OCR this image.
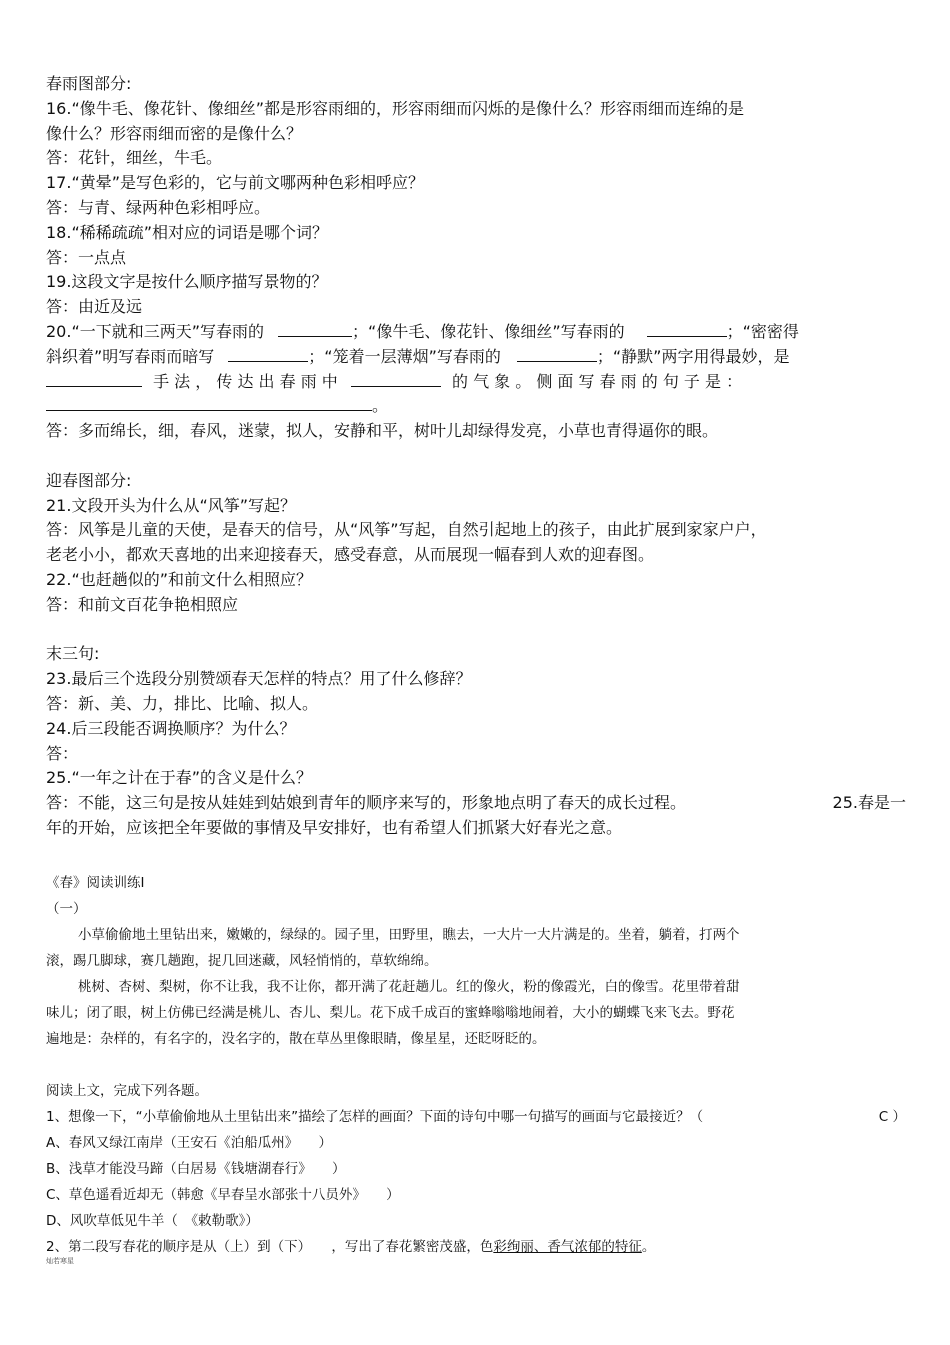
春雨图部分:
16.“像牛毛、像花针、像细丝”都是形容雨细的，形容雨细而闪烁的是像什么？形容雨细而连绵的是
像什么？形容雨细而密的是像什么？
答：花针，细丝，牛毛。
17.“黄晕”是写色彩的，它与前文哪两种色彩相呼应？
答：与青、绿两种色彩相呼应。
18.“稀稀疏疏”相对应的词语是哪个词？
答：一点点
19.这段文字是按什么顺序描写景物的？
答：由近及远
20.“一下就和三两天”写春雨的	；“像牛毛、像花针、像细丝”写春雨的	；“密密得
斜织着”明写春雨而暗写	；“笼着一层薄烟”写春雨的	；“静默”两字用得最妙，是
手 法 ， 传 达 出 春 雨 中	的 气 象 。 侧 面 写 春 雨 的 句 子 是 ：
。
答：多而绵长，细，春风，迷蒙，拟人，安静和平，树叶儿却绿得发亮，小草也青得逼你的眼。
迎春图部分:
21.文段开头为什么从“风筝”写起？
答：风筝是儿童的天使，是春天的信号，从“风筝”写起，自然引起地上的孩子，由此扩展到家家户户，
老老小小，都欢天喜地的出来迎接春天，感受春意，从而展现一幅春到人欢的迎春图。
22.“也赶趟似的”和前文什么相照应？
答：和前文百花争艳相照应
末三句:
23.最后三个选段分别赞颂春天怎样的特点？用了什么修辞？
答：新、美、力，排比、比喻、拟人。
24.后三段能否调换顺序？为什么？
答：
25.“一年之计在于春”的含义是什么？
答：不能，这三句是按从娃娃到姑娘到青年的顺序来写的，形象地点明了春天的成长过程。	25.春是一
年的开始，应该把全年要做的事情及早安排好，也有希望人们抓紧大好春光之意。
《春》阅读训练Ⅰ
（一）
小草偷偷地土里钻出来，嫩嫩的，绿绿的。园子里，田野里，瞧去，一大片一大片满是的。坐着，躺着，打两个
滚，踢几脚球，赛几趟跑，捉几回迷藏，风轻悄悄的，草软绵绵。
桃树、杏树、梨树，你不让我，我不让你，都开满了花赶趟儿。红的像火，粉的像霞光，白的像雪。花里带着甜
味儿；闭了眼，树上仿佛已经满是桃儿、杏儿、梨儿。花下成千成百的蜜蜂嗡嗡地闹着，大小的蝴蝶飞来飞去。野花
遍地是：杂样的，有名字的，没名字的，散在草丛里像眼睛，像星星，还眨呀眨的。
阅读上文，完成下列各题。
1、想像一下，“小草偷偷地从土里钻出来”描绘了怎样的画面？下面的诗句中哪一句描写的画面与它最接近？（	C ）
A、春风又绿江南岸（王安石《泊船瓜州》　　）
B、浅草才能没马蹄（白居易《钱塘湖春行》　　）
C、草色遥看近却无（韩愈《早春呈水部张十八员外》　　）
D、风吹草低见牛羊（　《敕勒歌》）
2、第二段写春花的顺序是从（上）到（下）　　，写出了春花繁密茂盛，色彩绚丽、香气浓郁的特征。
灿若寒星
